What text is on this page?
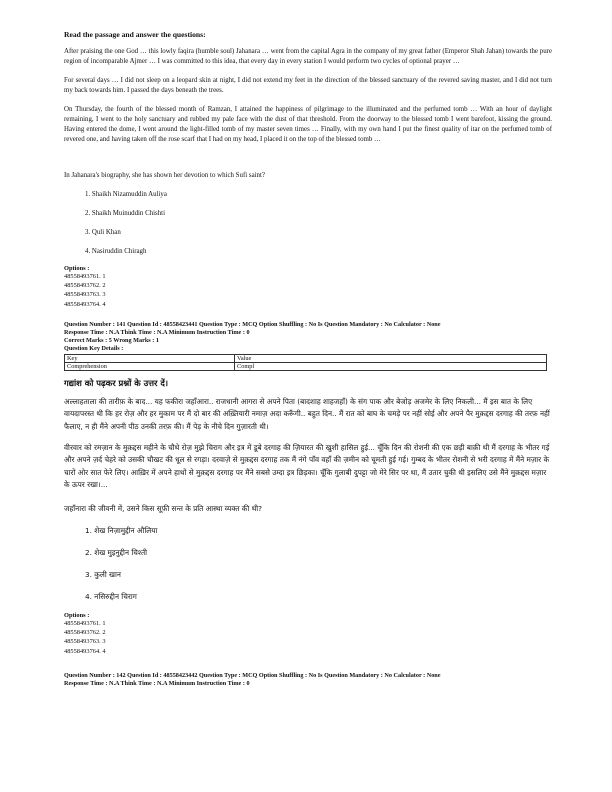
Read the passage and answer the questions:

After praising the one God … this lowly faqira (humble soul) Jahanara … went from the capital Agra in the company of my great father (Emperor Shah Jahan) towards the pure region of incomparable Ajmer … I was committed to this idea, that every day in every station I would perform two cycles of optional prayer …

For several days … I did not sleep on a leopard skin at night, I did not extend my feet in the direction of the blessed sanctuary of the revered saving master, and I did not turn my back towards him. I passed the days beneath the trees.

On Thursday, the fourth of the blessed month of Ramzan, I attained the happiness of pilgrimage to the illuminated and the perfumed tomb … With an hour of daylight remaining, I went to the holy sanctuary and rubbed my pale face with the dust of that threshold. From the doorway to the blessed tomb I went barefoot, kissing the ground. Having entered the dome, I went around the light-filled tomb of my master seven times … Finally, with my own hand I put the finest quality of itar on the perfumed tomb of revered one, and having taken off the rose scarf that I had on my head, I placed it on the top of the blessed tomb …

In Jahanara's biography, she has shown her devotion to which Sufi saint?
1. Shaikh Nizamuddin Auliya
2. Shaikh Muinuddin Chishti
3. Quli Khan
4. Nasiruddin Chiragh
Options :
48558493761. 1
48558493762. 2
48558493763. 3
48558493764. 4
Question Number : 141 Question Id : 48558423441 Question Type : MCQ Option Shuffling : No Is Question Mandatory : No Calculator : None
Response Time : N.A Think Time : N.A Minimum Instruction Time : 0
Correct Marks : 5 Wrong Marks : 1
Question Key Details :
Key	Value
Comprehension	Compl

गद्यांश को पढ़कर प्रश्नों के उत्तर दें।

अल्लाहताला की तारीफ़ के बाद... यह फकीरा जहाँआरा.. राजधानी आगरा से अपने पिता (बादशाह शाहजहाँ) के संग पाक और बेजोड़ अजमेर के लिए निकली... मैं इस बात के लिए वायदापरस्त थी कि हर रोज़ और हर मुकाम पर मैं दो बार की अख़्तियारी नमाज़ अदा करूँगी.. बहुत दिन.. मैं रात को बाघ के चमड़े पर नहीं सोई और अपने पैर मुक़द्दस दरगाह की तरफ़ नहीं फैलाए, न ही मैंने अपनी पीठ उनकी तरफ़ की। मैं पेड़ के नीचे दिन गुज़ारती थी।

वीरवार को रमज़ान के मुक़द्दस महीने के चौथे रोज़ मुझे चिराग और इत्र में डूबे दरगाह की ज़ियारत की खुशी हासिल हुई... चूँकि दिन की रोशनी की एक छड़ी बाक़ी थी मैं दरगाह के भीतर गई और अपने ज़र्द चेहरे को उसकी चौखट की धूल से रगड़ा। दरवाज़े से मुक़द्दस दरगाह तक मैं नंगे पाँव वहाँ की ज़मीन को चूमती हुई गई। गुम्बद के भीतर रोशनी से भरी दरगाह में मैंने मज़ार के चारों ओर सात फेरे लिए। आख़िर में अपने हाथों से मुक़द्दस दरगाह पर मैंने सबसे उम्दा इत्र छिड़का। चूँकि गुलाबी दुपट्टा जो मेरे सिर पर था, मैं उतार चुकी थी इसलिए उसे मैंने मुक़द्दस मज़ार के ऊपर रखा।...

जहाँनारा की जीवनी में, उसने किस सूफ़ी सन्त के प्रति आस्था व्यक्त की थी?
1. शेख निज़ामुद्दीन औलिया
2. शेख मुइनुद्दीन चिश्ती
3. कुली खान
4. नसिरुद्दीन चिराग
Options :
48558493761. 1
48558493762. 2
48558493763. 3
48558493764. 4
Question Number : 142 Question Id : 48558423442 Question Type : MCQ Option Shuffling : No Is Question Mandatory : No Calculator : None
Response Time : N.A Think Time : N.A Minimum Instruction Time : 0
